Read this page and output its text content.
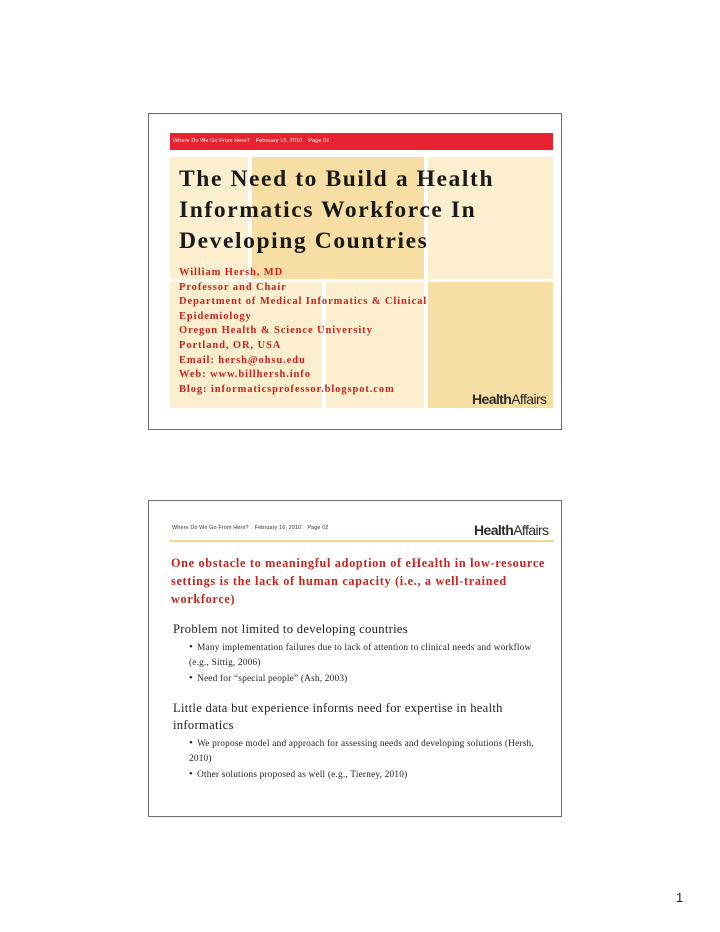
Where Do We Go From Here? February 16, 2010 Page 01
The Need to Build a Health Informatics Workforce In Developing Countries
William Hersh, MD
Professor and Chair
Department of Medical Informatics & Clinical
Epidemiology
Oregon Health & Science University
Portland, OR, USA
Email: hersh@ohsu.edu
Web: www.billhersh.info
Blog: informaticsprofessor.blogspot.com
HealthAffairs
Where Do We Go From Here? February 16, 2010 Page 02	HealthAffairs
One obstacle to meaningful adoption of eHealth in low-resource settings is the lack of human capacity (i.e., a well-trained workforce)
Problem not limited to developing countries
• Many implementation failures due to lack of attention to clinical needs and workflow (e.g., Sittig, 2006)
• Need for “special people” (Ash, 2003)
Little data but experience informs need for expertise in health informatics
• We propose model and approach for assessing needs and developing solutions (Hersh, 2010)
• Other solutions proposed as well (e.g., Tierney, 2010)
1
